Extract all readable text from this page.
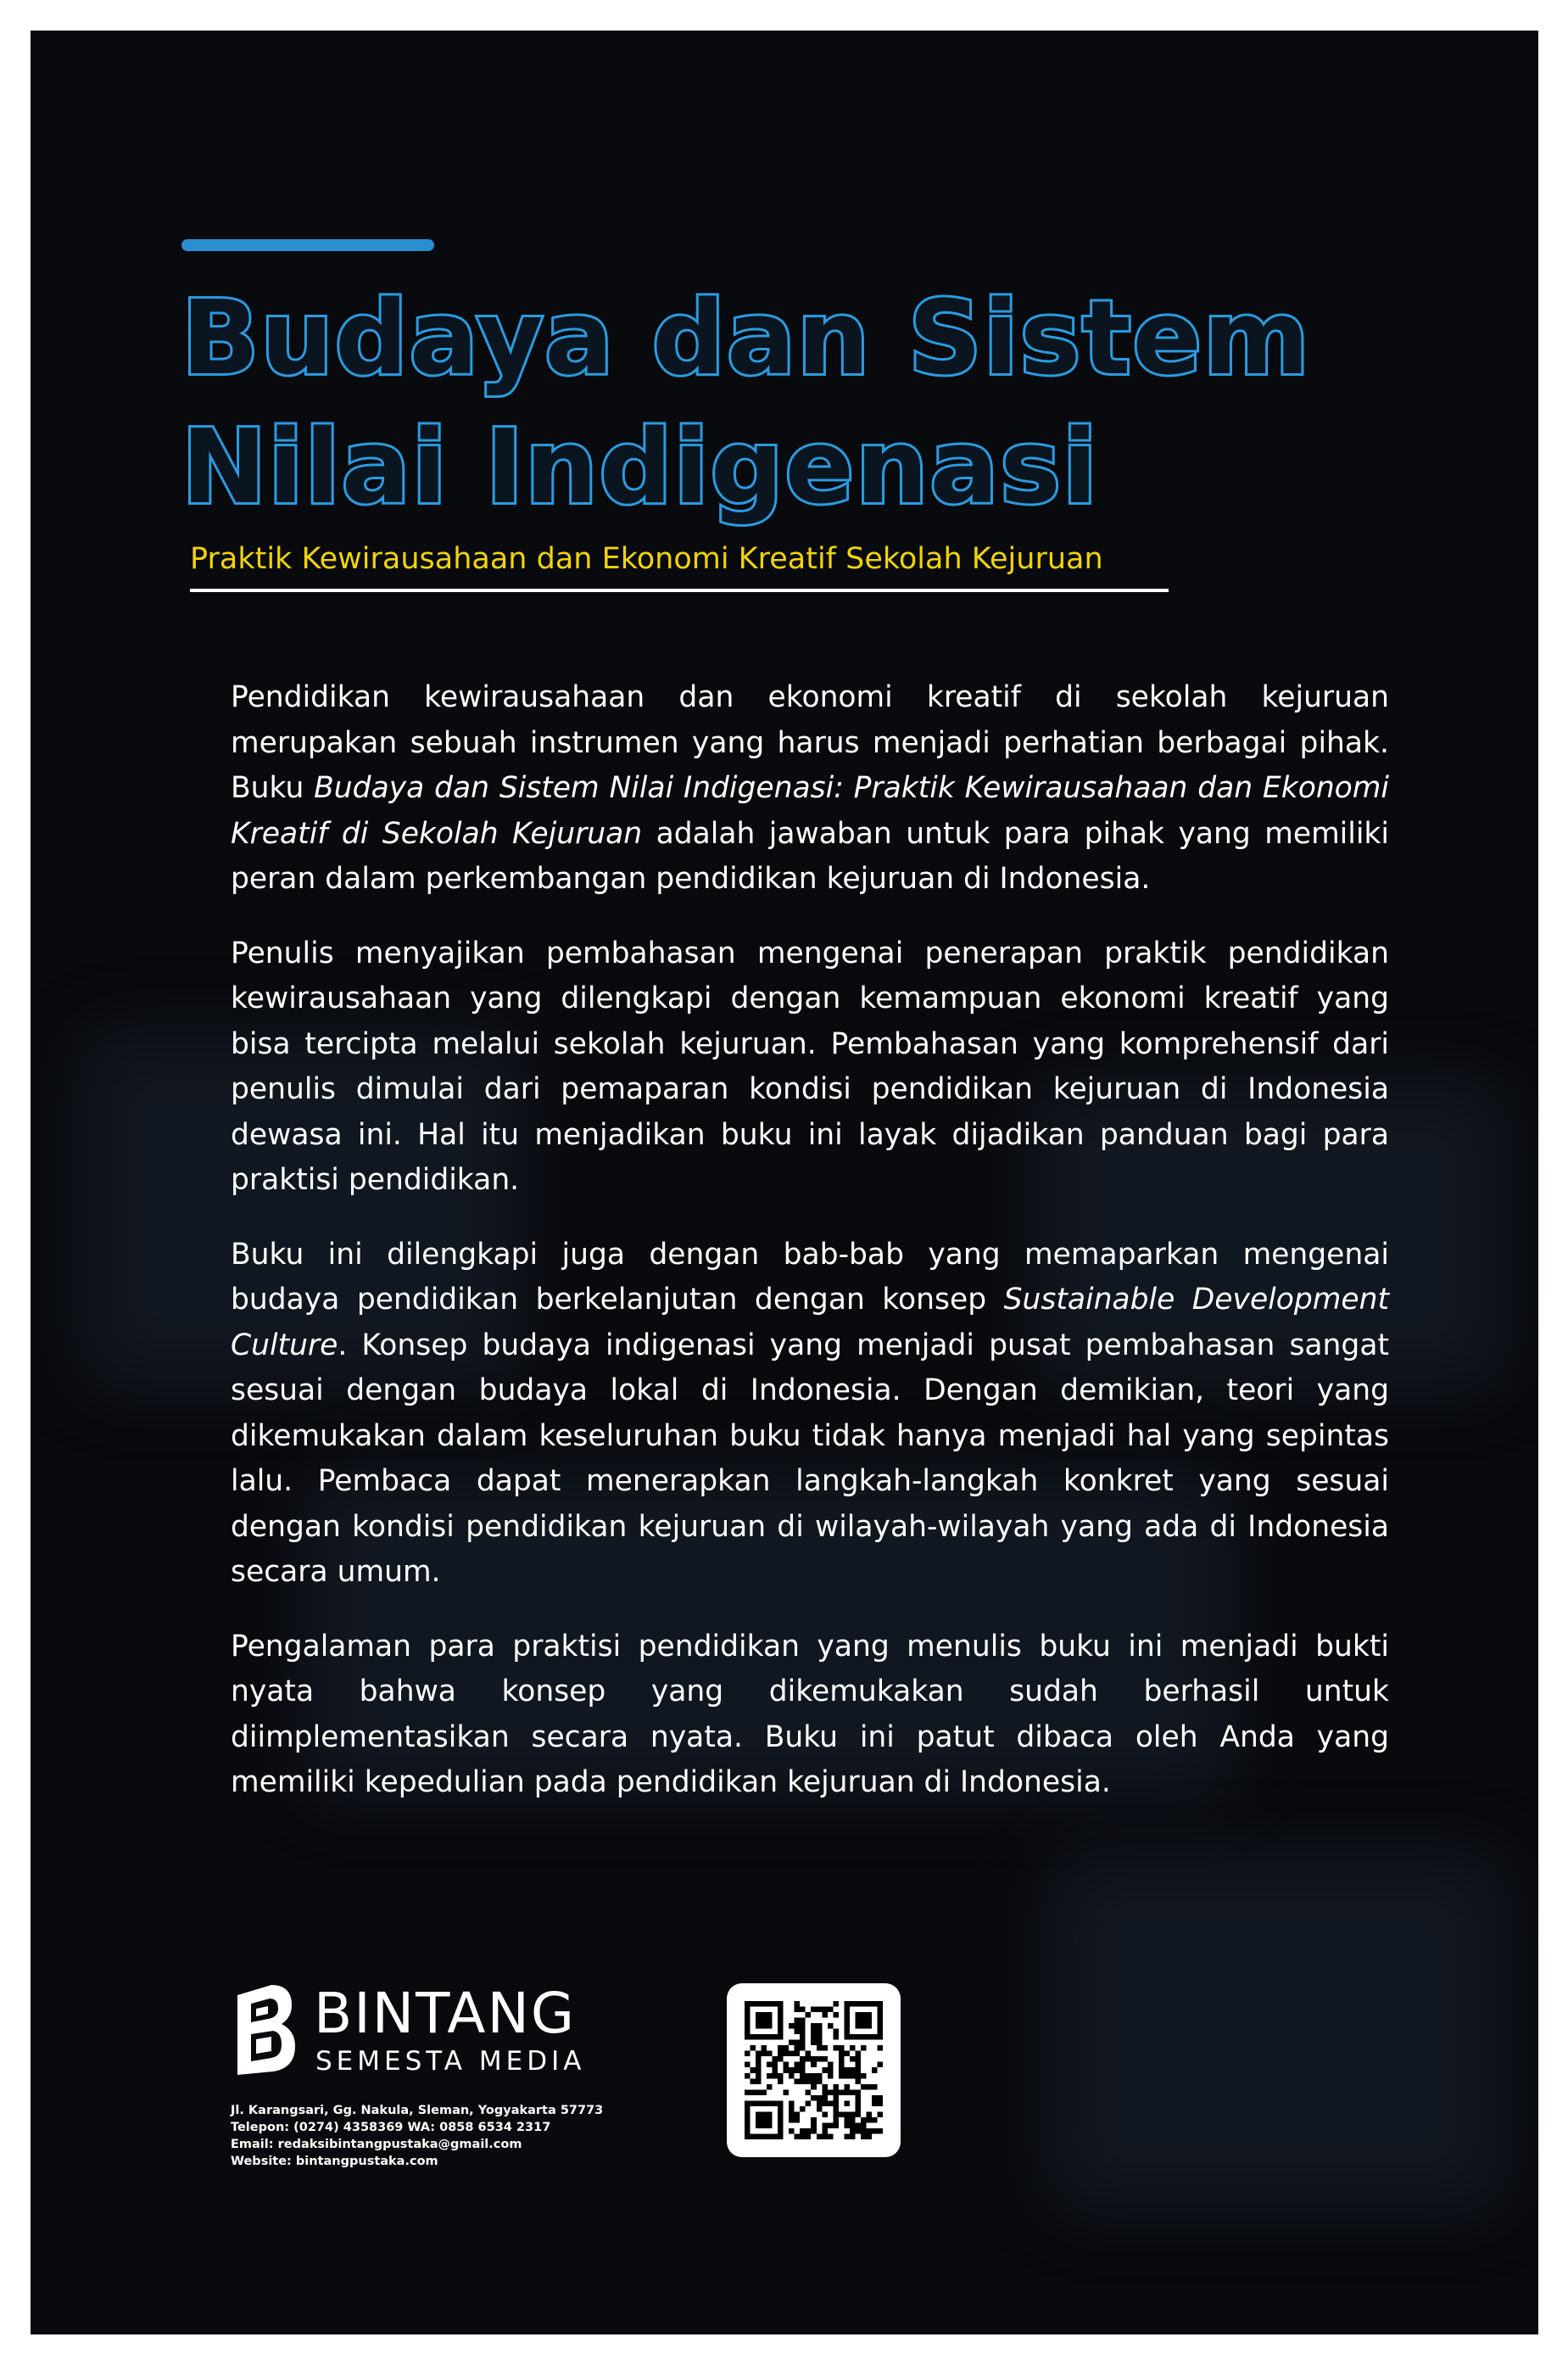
Budaya dan Sistem
Nilai Indigenasi
Praktik Kewirausahaan dan Ekonomi Kreatif Sekolah Kejuruan

Pendidikan kewirausahaan dan ekonomi kreatif di sekolah kejuruan merupakan sebuah instrumen yang harus menjadi perhatian berbagai pihak. Buku Budaya dan Sistem Nilai Indigenasi: Praktik Kewirausahaan dan Ekonomi Kreatif di Sekolah Kejuruan adalah jawaban untuk para pihak yang memiliki peran dalam perkembangan pendidikan kejuruan di Indonesia.

Penulis menyajikan pembahasan mengenai penerapan praktik pendidikan kewirausahaan yang dilengkapi dengan kemampuan ekonomi kreatif yang bisa tercipta melalui sekolah kejuruan. Pembahasan yang komprehensif dari penulis dimulai dari pemaparan kondisi pendidikan kejuruan di Indonesia dewasa ini. Hal itu menjadikan buku ini layak dijadikan panduan bagi para praktisi pendidikan.

Buku ini dilengkapi juga dengan bab-bab yang memaparkan mengenai budaya pendidikan berkelanjutan dengan konsep Sustainable Development Culture. Konsep budaya indigenasi yang menjadi pusat pembahasan sangat sesuai dengan budaya lokal di Indonesia. Dengan demikian, teori yang dikemukakan dalam keseluruhan buku tidak hanya menjadi hal yang sepintas lalu. Pembaca dapat menerapkan langkah-langkah konkret yang sesuai dengan kondisi pendidikan kejuruan di wilayah-wilayah yang ada di Indonesia secara umum.

Pengalaman para praktisi pendidikan yang menulis buku ini menjadi bukti nyata bahwa konsep yang dikemukakan sudah berhasil untuk diimplementasikan secara nyata. Buku ini patut dibaca oleh Anda yang memiliki kepedulian pada pendidikan kejuruan di Indonesia.

BINTANG
SEMESTA MEDIA
Jl. Karangsari, Gg. Nakula, Sleman, Yogyakarta 57773
Telepon: (0274) 4358369 WA: 0858 6534 2317
Email: redaksibintangpustaka@gmail.com
Website: bintangpustaka.com
